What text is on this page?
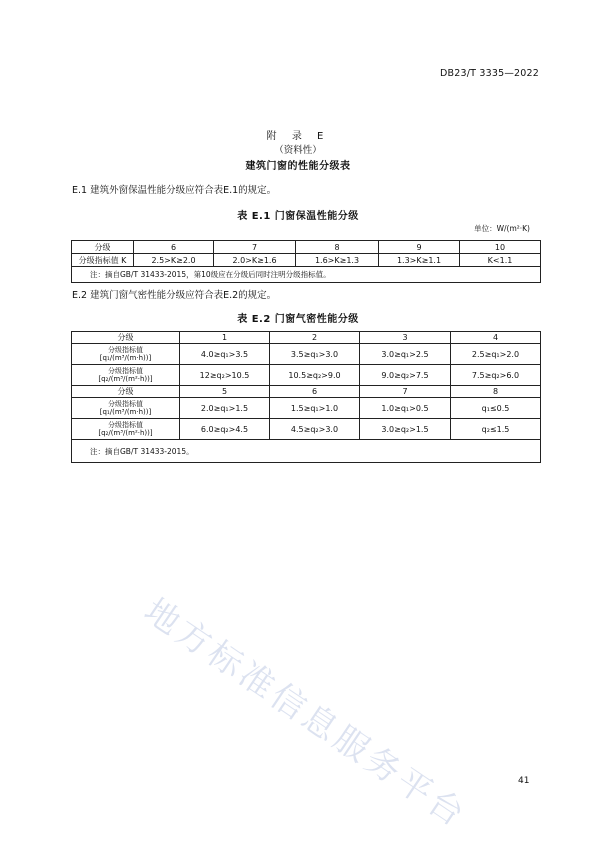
DB23/T 3335—2022
附 录 E
（资料性）
建筑门窗的性能分级表
E.1 建筑外窗保温性能分级应符合表E.1的规定。
表 E.1 门窗保温性能分级
单位：W/(m²·K)
分级	6	7	8	9	10
分级指标值 K	2.5>K≥2.0	2.0>K≥1.6	1.6>K≥1.3	1.3>K≥1.1	K<1.1
注：摘自GB/T 31433-2015，第10级应在分级后同时注明分级指标值。					
E.2 建筑门窗气密性能分级应符合表E.2的规定。
表 E.2 门窗气密性能分级
分级	1	2	3	4

分级指标值
[q₁/(m³/(m·h))]	4.0≥q₁>3.5	3.5≥q₁>3.0	3.0≥q₁>2.5	2.5≥q₁>2.0

分级指标值
[q₂/(m³/(m²·h))]	12≥q₂>10.5	10.5≥q₂>9.0	9.0≥q₂>7.5	7.5≥q₂>6.0
分级	5	6	7	8

分级指标值
[q₁/(m³/(m·h))]	2.0≥q₁>1.5	1.5≥q₁>1.0	1.0≥q₁>0.5	q₁≤0.5

分级指标值
[q₂/(m³/(m²·h))]	6.0≥q₂>4.5	4.5≥q₂>3.0	3.0≥q₂>1.5	q₂≤1.5
注：摘自GB/T 31433-2015。				
地方标准信息服务平台	41
